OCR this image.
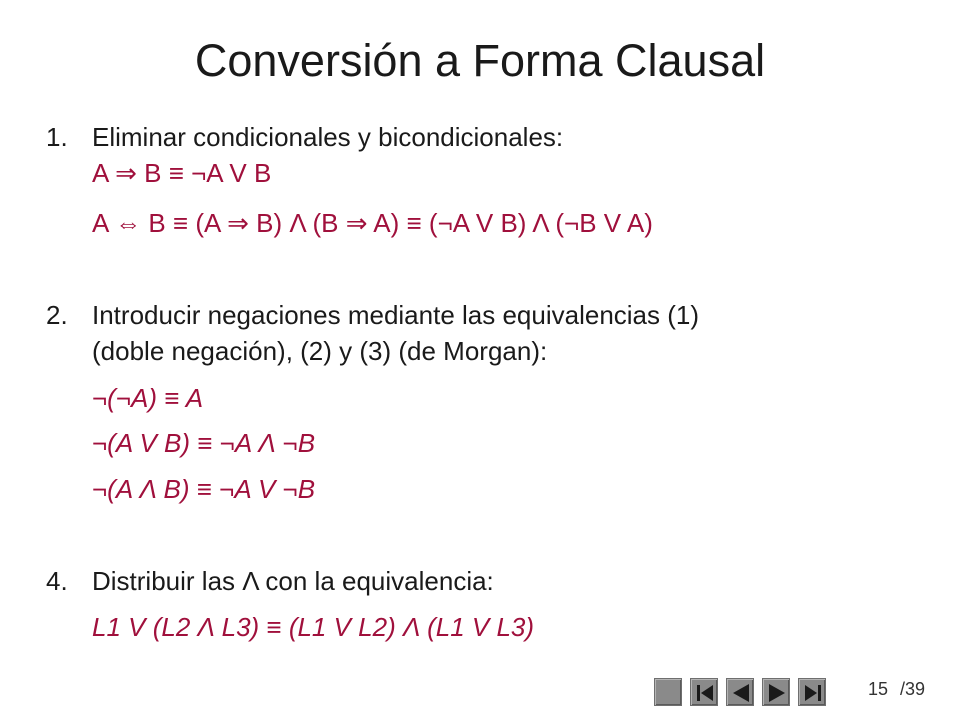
Conversión a Forma Clausal
1. Eliminar condicionales y bicondicionales:
A ⇒ B ≡ ¬A V B
A ⇔ B ≡ (A ⇒ B) Λ (B ⇒ A) ≡ (¬A V B) Λ (¬B V A)
2. Introducir negaciones mediante las equivalencias (1)
(doble negación), (2) y (3) (de Morgan):
¬(¬A) ≡ A
¬(A V B) ≡ ¬A Λ ¬B
¬(A Λ B) ≡ ¬A V ¬B
4. Distribuir las Λ con la equivalencia:
L1 V (L2 Λ L3) ≡ (L1 V L2) Λ (L1 V L3)
15 /39
